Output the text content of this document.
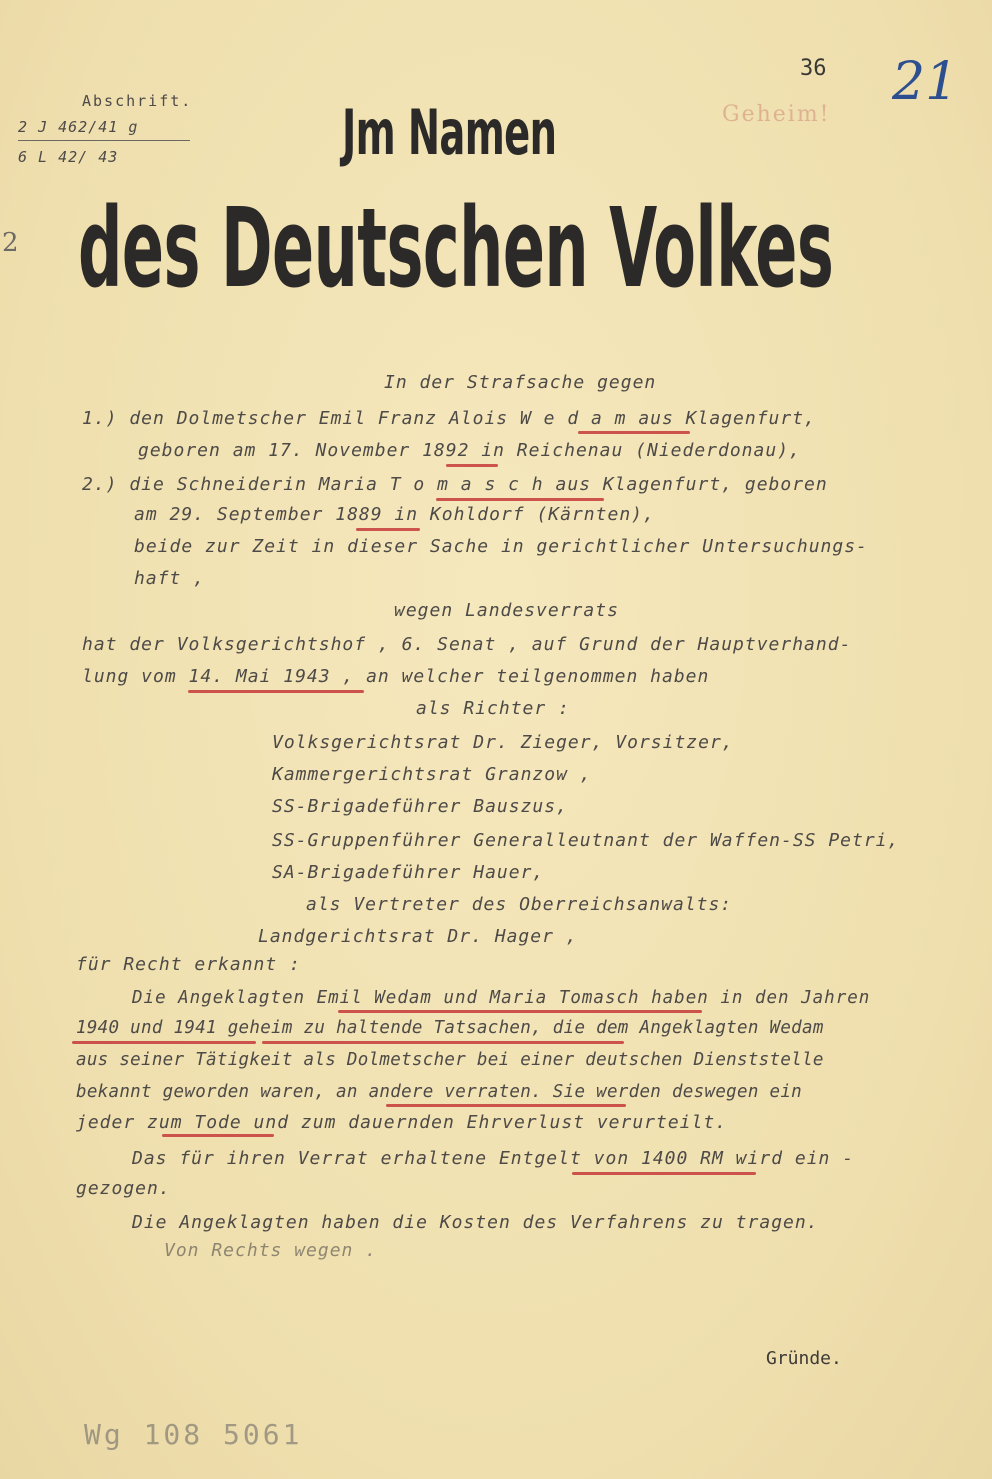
Abschrift.
2 J 462/41 g
6 L 42/ 43
36 21
Geheim!
2
Jm Namen
des Deutschen Volkes
In der Strafsache gegen
1.) den Dolmetscher Emil Franz Alois W e d a m aus Klagenfurt,
geboren am 17. November 1892 in Reichenau (Niederdonau),
2.) die Schneiderin Maria T o m a s c h aus Klagenfurt, geboren
am 29. September 1889 in Kohldorf (Kärnten),
beide zur Zeit in dieser Sache in gerichtlicher Untersuchungs-
haft ,
wegen Landesverrats
hat der Volksgerichtshof , 6. Senat , auf Grund der Hauptverhand-
lung vom 14. Mai 1943 , an welcher teilgenommen haben
als Richter :
Volksgerichtsrat Dr. Zieger, Vorsitzer,
Kammergerichtsrat Granzow ,
SS-Brigadeführer Bauszus,
SS-Gruppenführer Generalleutnant der Waffen-SS Petri,
SA-Brigadeführer Hauer,
als Vertreter des Oberreichsanwalts:
Landgerichtsrat Dr. Hager ,
für Recht erkannt :
Die Angeklagten Emil Wedam und Maria Tomasch haben in den Jahren
1940 und 1941 geheim zu haltende Tatsachen, die dem Angeklagten Wedam
aus seiner Tätigkeit als Dolmetscher bei einer deutschen Dienststelle
bekannt geworden waren, an andere verraten. Sie werden deswegen ein
jeder zum Tode und zum dauernden Ehrverlust verurteilt.
Das für ihren Verrat erhaltene Entgelt von 1400 RM wird ein -
gezogen.
Die Angeklagten haben die Kosten des Verfahrens zu tragen.
Von Rechts wegen .
Gründe.
Wg 108 5061
